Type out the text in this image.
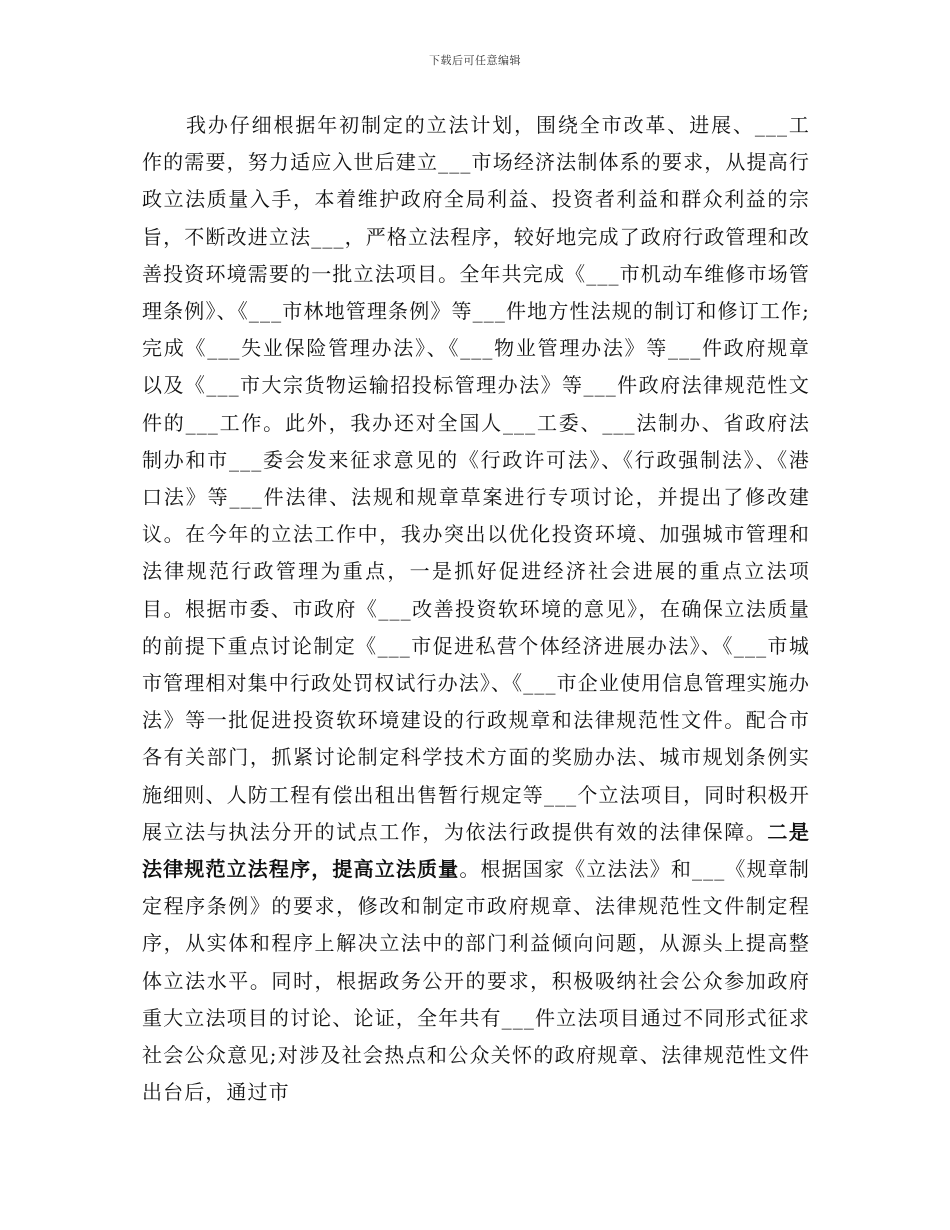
下载后可任意编辑

我办仔细根据年初制定的立法计划，围绕全市改革、进展、___工作的需要，努力适应入世后建立___市场经济法制体系的要求，从提高行政立法质量入手，本着维护政府全局利益、投资者利益和群众利益的宗旨，不断改进立法___，严格立法程序，较好地完成了政府行政管理和改善投资环境需要的一批立法项目。全年共完成《___市机动车维修市场管理条例》、《___市林地管理条例》等___件地方性法规的制订和修订工作;完成《___失业保险管理办法》、《___物业管理办法》等___件政府规章以及《___市大宗货物运输招投标管理办法》等___件政府法律规范性文件的___工作。此外，我办还对全国人___工委、___法制办、省政府法制办和市___委会发来征求意见的《行政许可法》、《行政强制法》、《港口法》等___件法律、法规和规章草案进行专项讨论，并提出了修改建议。在今年的立法工作中，我办突出以优化投资环境、加强城市管理和法律规范行政管理为重点，一是抓好促进经济社会进展的重点立法项目。根据市委、市政府《___改善投资软环境的意见》，在确保立法质量的前提下重点讨论制定《___市促进私营个体经济进展办法》、《___市城市管理相对集中行政处罚权试行办法》、《___市企业使用信息管理实施办法》等一批促进投资软环境建设的行政规章和法律规范性文件。配合市各有关部门，抓紧讨论制定科学技术方面的奖励办法、城市规划条例实施细则、人防工程有偿出租出售暂行规定等___个立法项目，同时积极开展立法与执法分开的试点工作，为依法行政提供有效的法律保障。二是法律规范立法程序，提高立法质量。根据国家《立法法》和___《规章制定程序条例》的要求，修改和制定市政府规章、法律规范性文件制定程序，从实体和程序上解决立法中的部门利益倾向问题，从源头上提高整体立法水平。同时，根据政务公开的要求，积极吸纳社会公众参加政府重大立法项目的讨论、论证，全年共有___件立法项目通过不同形式征求社会公众意见;对涉及社会热点和公众关怀的政府规章、法律规范性文件出台后，通过市
